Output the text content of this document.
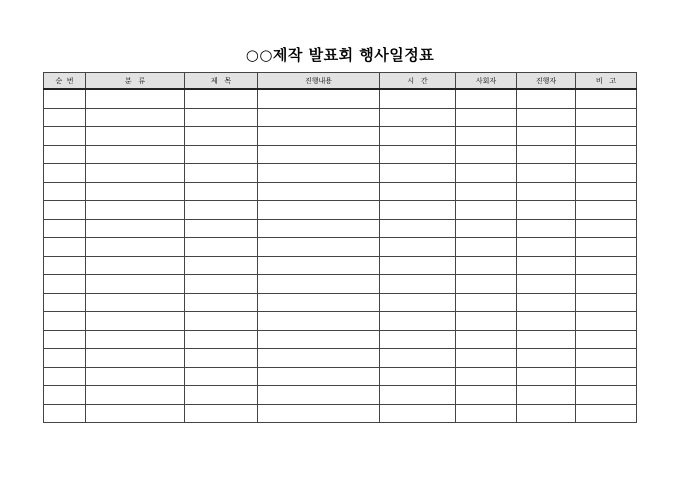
○○제작 발표회 행사일정표
순  번	분   류	제   목	진행내용	시   간	사회자	진행자	비   고
